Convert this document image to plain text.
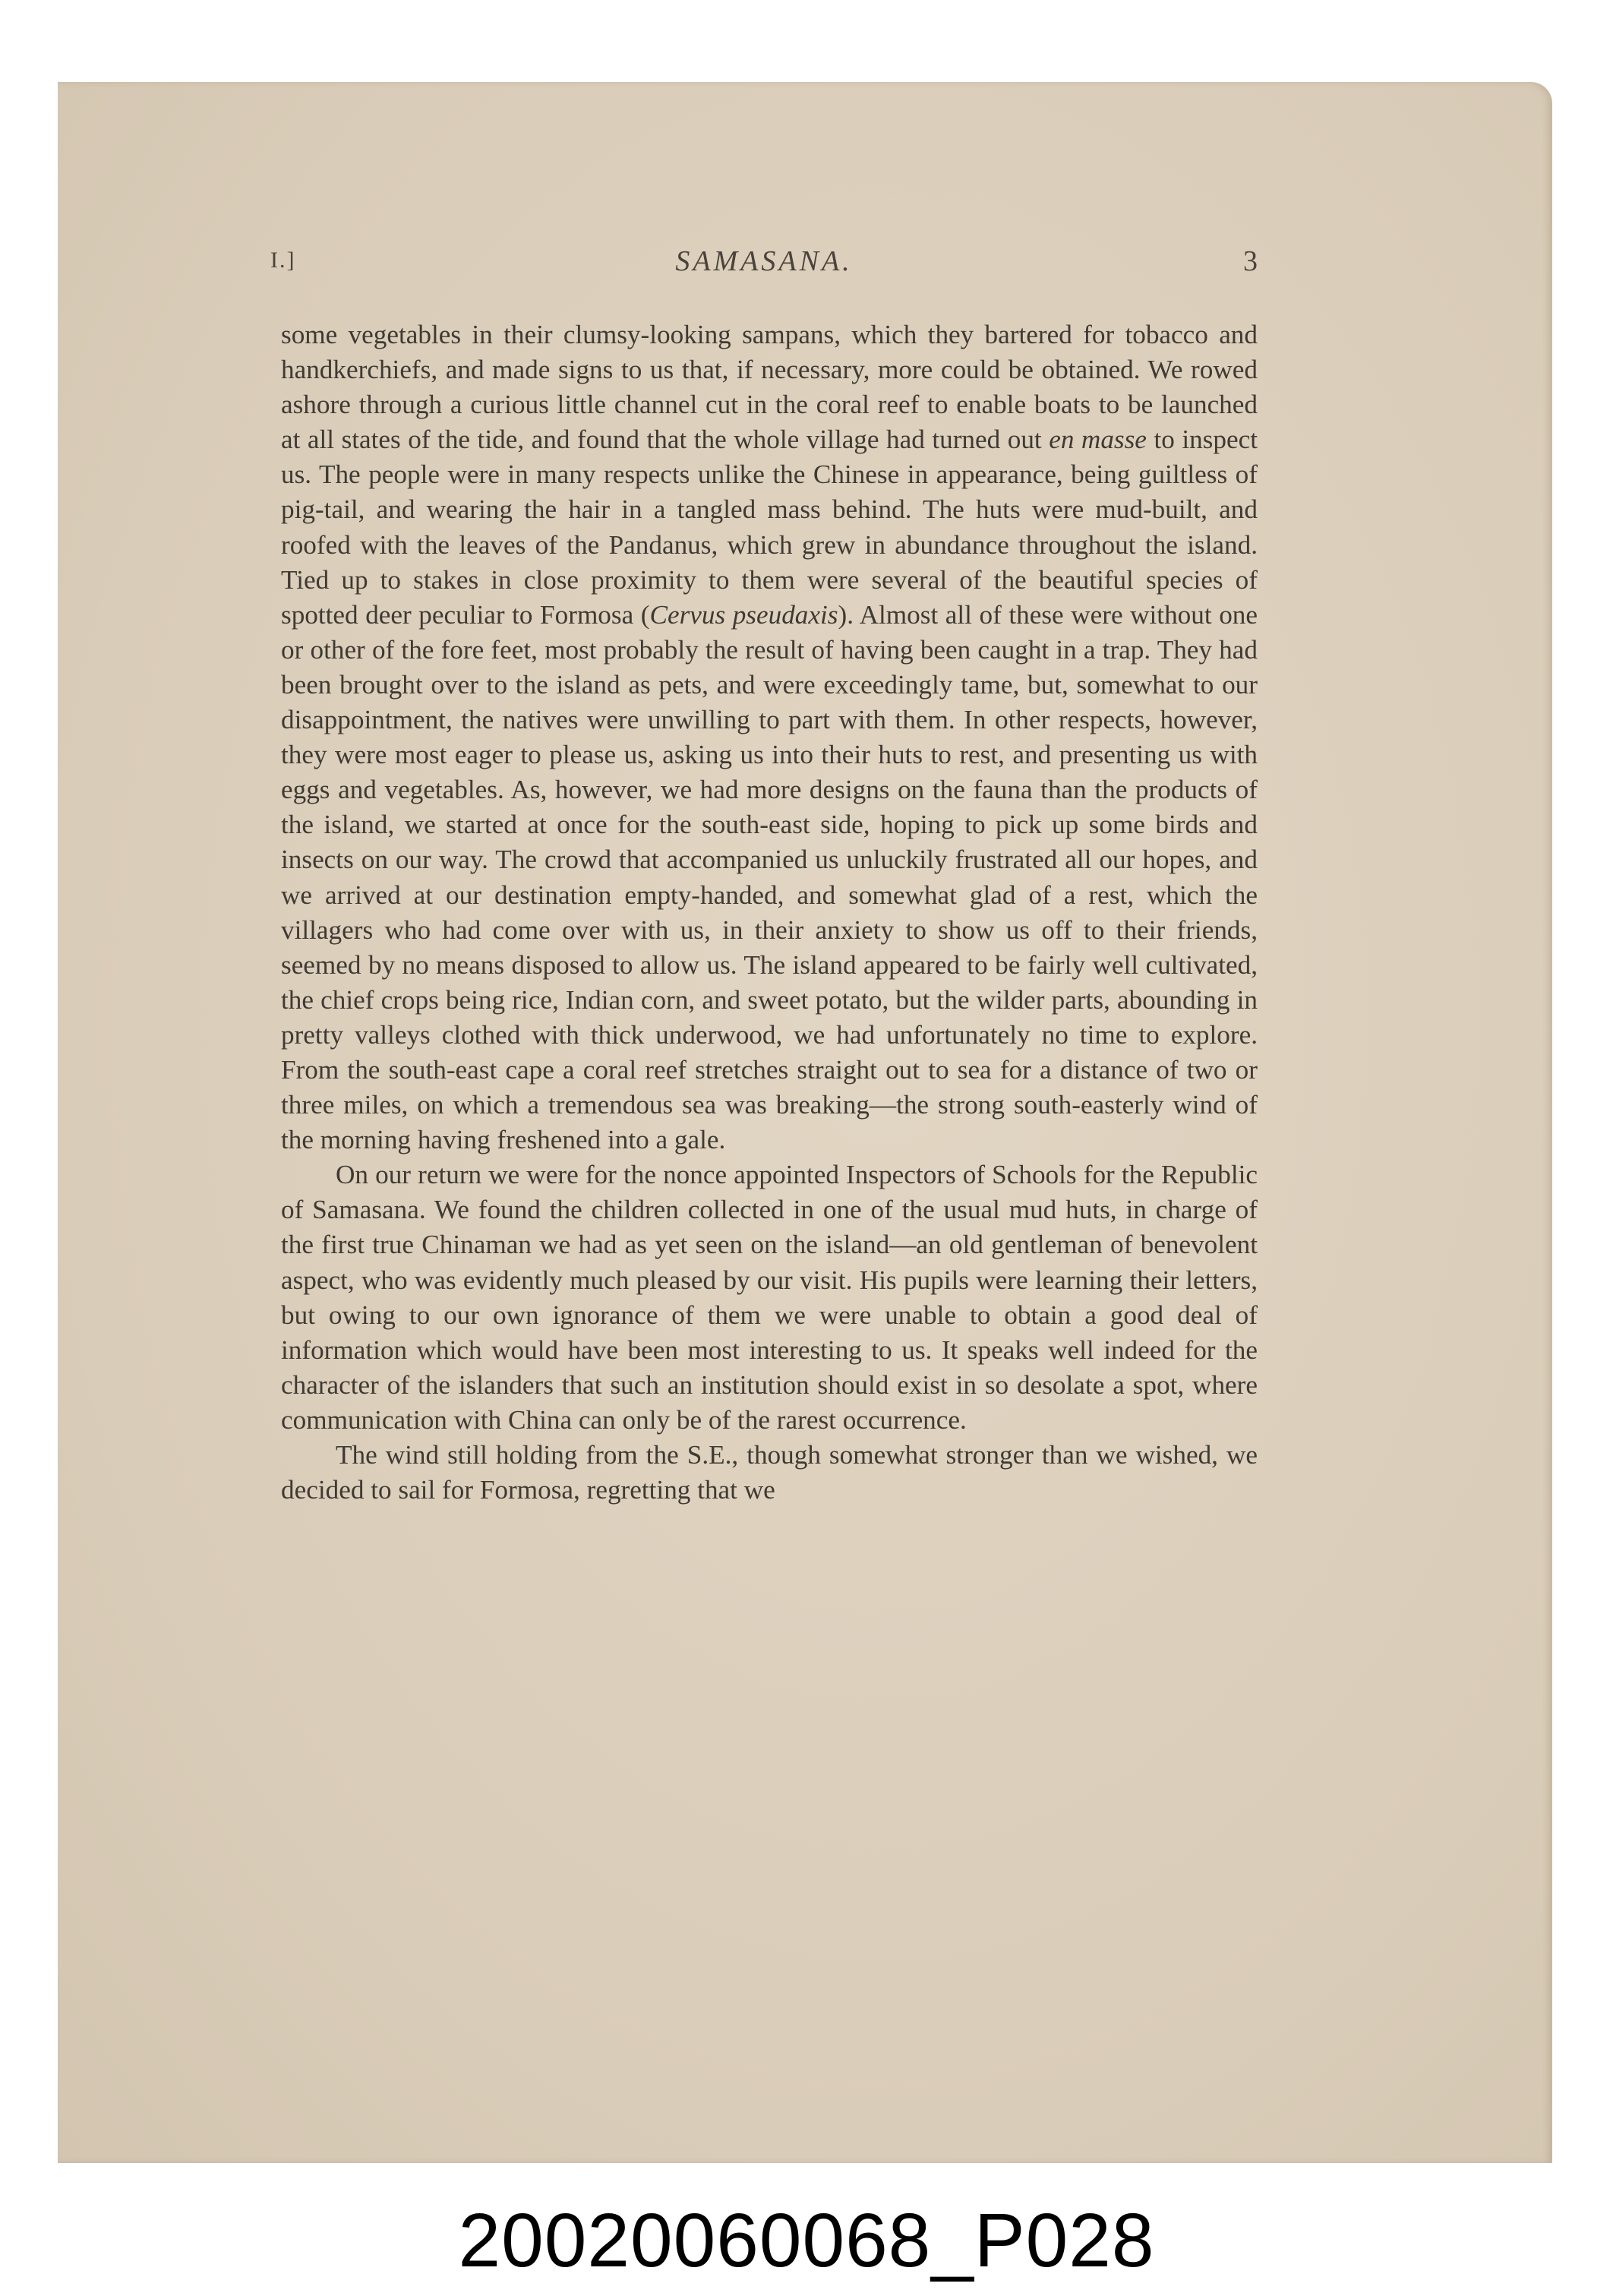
I.]	SAMASANA.	3

some vegetables in their clumsy-looking sampans, which they bartered for tobacco and handkerchiefs, and made signs to us that, if necessary, more could be obtained. We rowed ashore through a curious little channel cut in the coral reef to enable boats to be launched at all states of the tide, and found that the whole village had turned out en masse to inspect us. The people were in many respects unlike the Chinese in appearance, being guiltless of pig-tail, and wearing the hair in a tangled mass behind. The huts were mud-built, and roofed with the leaves of the Pandanus, which grew in abundance throughout the island. Tied up to stakes in close proximity to them were several of the beautiful species of spotted deer peculiar to Formosa (Cervus pseudaxis). Almost all of these were without one or other of the fore feet, most probably the result of having been caught in a trap. They had been brought over to the island as pets, and were exceedingly tame, but, somewhat to our disappointment, the natives were unwilling to part with them. In other respects, however, they were most eager to please us, asking us into their huts to rest, and presenting us with eggs and vegetables. As, however, we had more designs on the fauna than the products of the island, we started at once for the south-east side, hoping to pick up some birds and insects on our way. The crowd that accompanied us unluckily frustrated all our hopes, and we arrived at our destination empty-handed, and somewhat glad of a rest, which the villagers who had come over with us, in their anxiety to show us off to their friends, seemed by no means disposed to allow us. The island appeared to be fairly well cultivated, the chief crops being rice, Indian corn, and sweet potato, but the wilder parts, abounding in pretty valleys clothed with thick underwood, we had unfortunately no time to explore. From the south-east cape a coral reef stretches straight out to sea for a distance of two or three miles, on which a tremendous sea was breaking—the strong south-easterly wind of the morning having freshened into a gale.

On our return we were for the nonce appointed Inspectors of Schools for the Republic of Samasana. We found the children collected in one of the usual mud huts, in charge of the first true Chinaman we had as yet seen on the island—an old gentleman of benevolent aspect, who was evidently much pleased by our visit. His pupils were learning their letters, but owing to our own ignorance of them we were unable to obtain a good deal of information which would have been most interesting to us. It speaks well indeed for the character of the islanders that such an institution should exist in so desolate a spot, where communication with China can only be of the rarest occurrence.

The wind still holding from the S.E., though somewhat stronger than we wished, we decided to sail for Formosa, regretting that we

20020060068_P028
